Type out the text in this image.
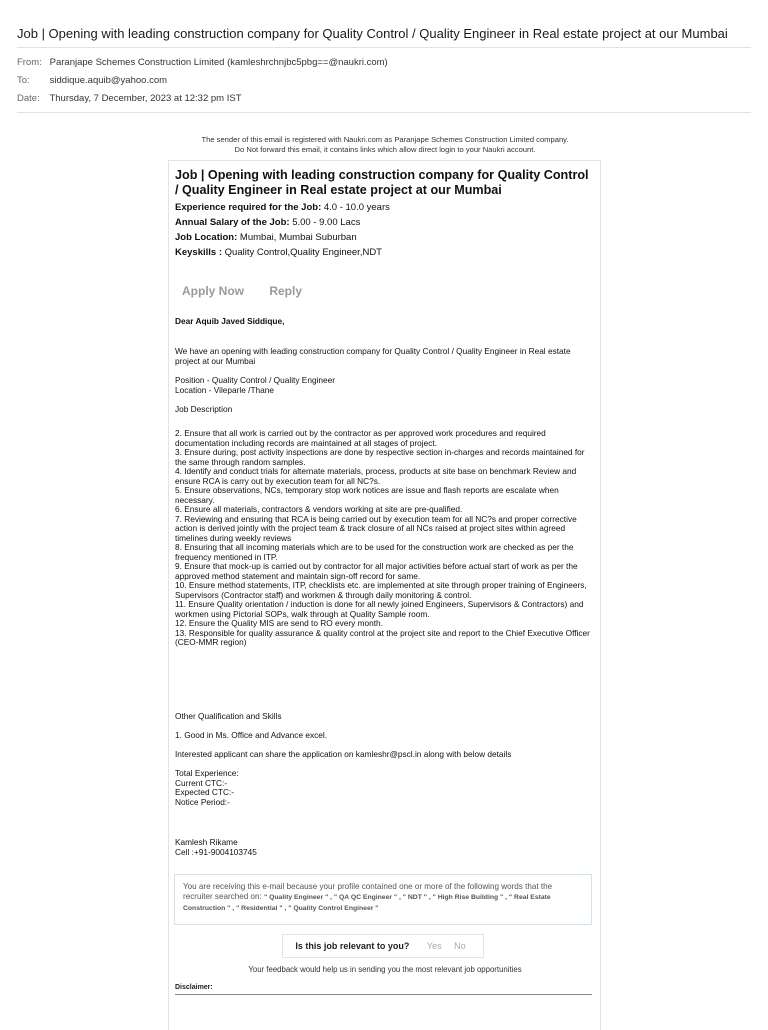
Job | Opening with leading construction company for Quality Control / Quality Engineer in Real estate project at our Mumbai
From: Paranjape Schemes Construction Limited (kamleshrchnjbc5pbg==@naukri.com)
To: siddique.aquib@yahoo.com
Date: Thursday, 7 December, 2023 at 12:32 pm IST
The sender of this email is registered with Naukri.com as Paranjape Schemes Construction Limited company.
Do Not forward this email, it contains links which allow direct login to your Naukri account.
Job | Opening with leading construction company for Quality Control / Quality Engineer in Real estate project at our Mumbai
Experience required for the Job: 4.0 - 10.0 years
Annual Salary of the Job: 5.00 - 9.00 Lacs
Job Location: Mumbai, Mumbai Suburban
Keyskills : Quality Control,Quality Engineer,NDT
Apply Now Reply
Dear Aquib Javed Siddique,
We have an opening with leading construction company for Quality Control / Quality Engineer in Real estate project at our Mumbai

Position - Quality Control / Quality Engineer

Location - Vileparle /Thane

Job Description

2. Ensure that all work is carried out by the contractor as per approved work procedures and required documentation including records are maintained at all stages of project.

3. Ensure during, post activity inspections are done by respective section in-charges and records maintained for the same through random samples.

4. Identify and conduct trials for alternate materials, process, products at site base on benchmark Review and ensure RCA is carry out by execution team for all NC?s.

5. Ensure observations, NCs, temporary stop work notices are issue and flash reports are escalate when necessary.

6. Ensure all materials, contractors & vendors working at site are pre-qualified.

7. Reviewing and ensuring that RCA is being carried out by execution team for all NC?s and proper corrective action is derived jointly with the project team & track closure of all NCs raised at project sites within agreed timelines during weekly reviews

8. Ensuring that all incoming materials which are to be used for the construction work are checked as per the frequency mentioned in ITP.

9. Ensure that mock-up is carried out by contractor for all major activities before actual start of work as per the approved method statement and maintain sign-off record for same.

10. Ensure method statements, ITP, checklists etc. are implemented at site through proper training of Engineers, Supervisors (Contractor staff) and workmen & through daily monitoring & control.

11. Ensure Quality orientation / induction is done for all newly joined Engineers, Supervisors & Contractors) and workmen using Pictorial SOPs, walk through at Quality Sample room.

12. Ensure the Quality MIS are send to RO every month.

13. Responsible for quality assurance & quality control at the project site and report to the Chief Executive Officer (CEO-MMR region)

Other Qualification and Skills
1. Good in Ms. Office and Advance excel.
Interested applicant can share the application on kamleshr@pscl.in along with below details

Total Experience:

Current CTC:-

Expected CTC:-

Notice Period:-

Kamlesh Rikame

Cell :+91-9004103745

You are receiving this e-mail because your profile contained one or more of the following words that the recruiter searched on: " Quality Engineer " , " QA QC Engineer " , " NDT " , " High Rise Building " , " Real Estate Construction " , " Residential " , " Quality Control Engineer "
Is this job relevant to you? Yes No
Your feedback would help us in sending you the most relevant job opportunities
Disclaimer:
